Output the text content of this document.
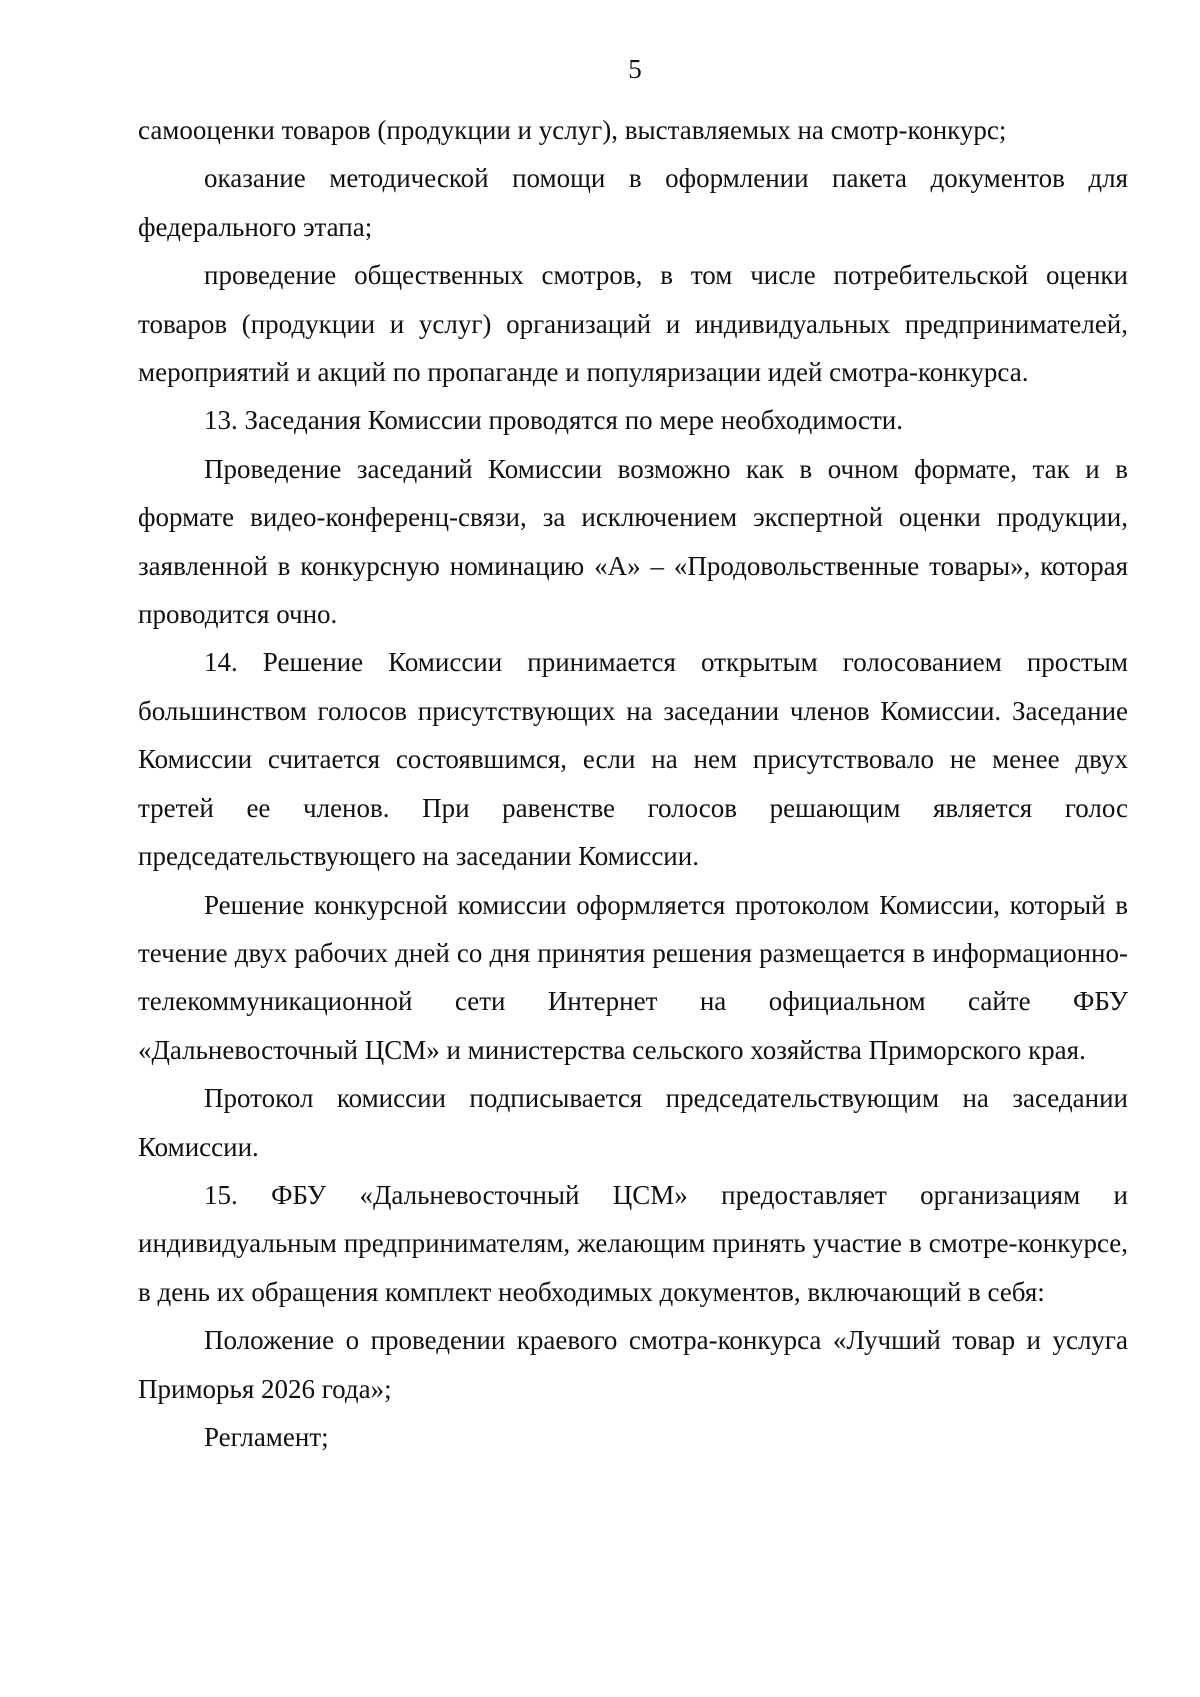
5

самооценки товаров (продукции и услуг), выставляемых на смотр-конкурс;

оказание методической помощи в оформлении пакета документов для федерального этапа;

проведение общественных смотров, в том числе потребительской оценки товаров (продукции и услуг) организаций и индивидуальных предпринимателей, мероприятий и акций по пропаганде и популяризации идей смотра-конкурса.

13. Заседания Комиссии проводятся по мере необходимости.

Проведение заседаний Комиссии возможно как в очном формате, так и в формате видео-конференц-связи, за исключением экспертной оценки продукции, заявленной в конкурсную номинацию «А» – «Продовольственные товары», которая проводится очно.

14. Решение Комиссии принимается открытым голосованием простым большинством голосов присутствующих на заседании членов Комиссии. Заседание Комиссии считается состоявшимся, если на нем присутствовало не менее двух третей ее членов. При равенстве голосов решающим является голос председательствующего на заседании Комиссии.

Решение конкурсной комиссии оформляется протоколом Комиссии, который в течение двух рабочих дней со дня принятия решения размещается в информационно-телекоммуникационной сети Интернет на официальном сайте ФБУ «Дальневосточный ЦСМ» и министерства сельского хозяйства Приморского края.

Протокол комиссии подписывается председательствующим на заседании Комиссии.

15. ФБУ «Дальневосточный ЦСМ» предоставляет организациям и индивидуальным предпринимателям, желающим принять участие в смотре-конкурсе, в день их обращения комплект необходимых документов, включающий в себя:

Положение о проведении краевого смотра-конкурса «Лучший товар и услуга Приморья 2026 года»;

Регламент;
